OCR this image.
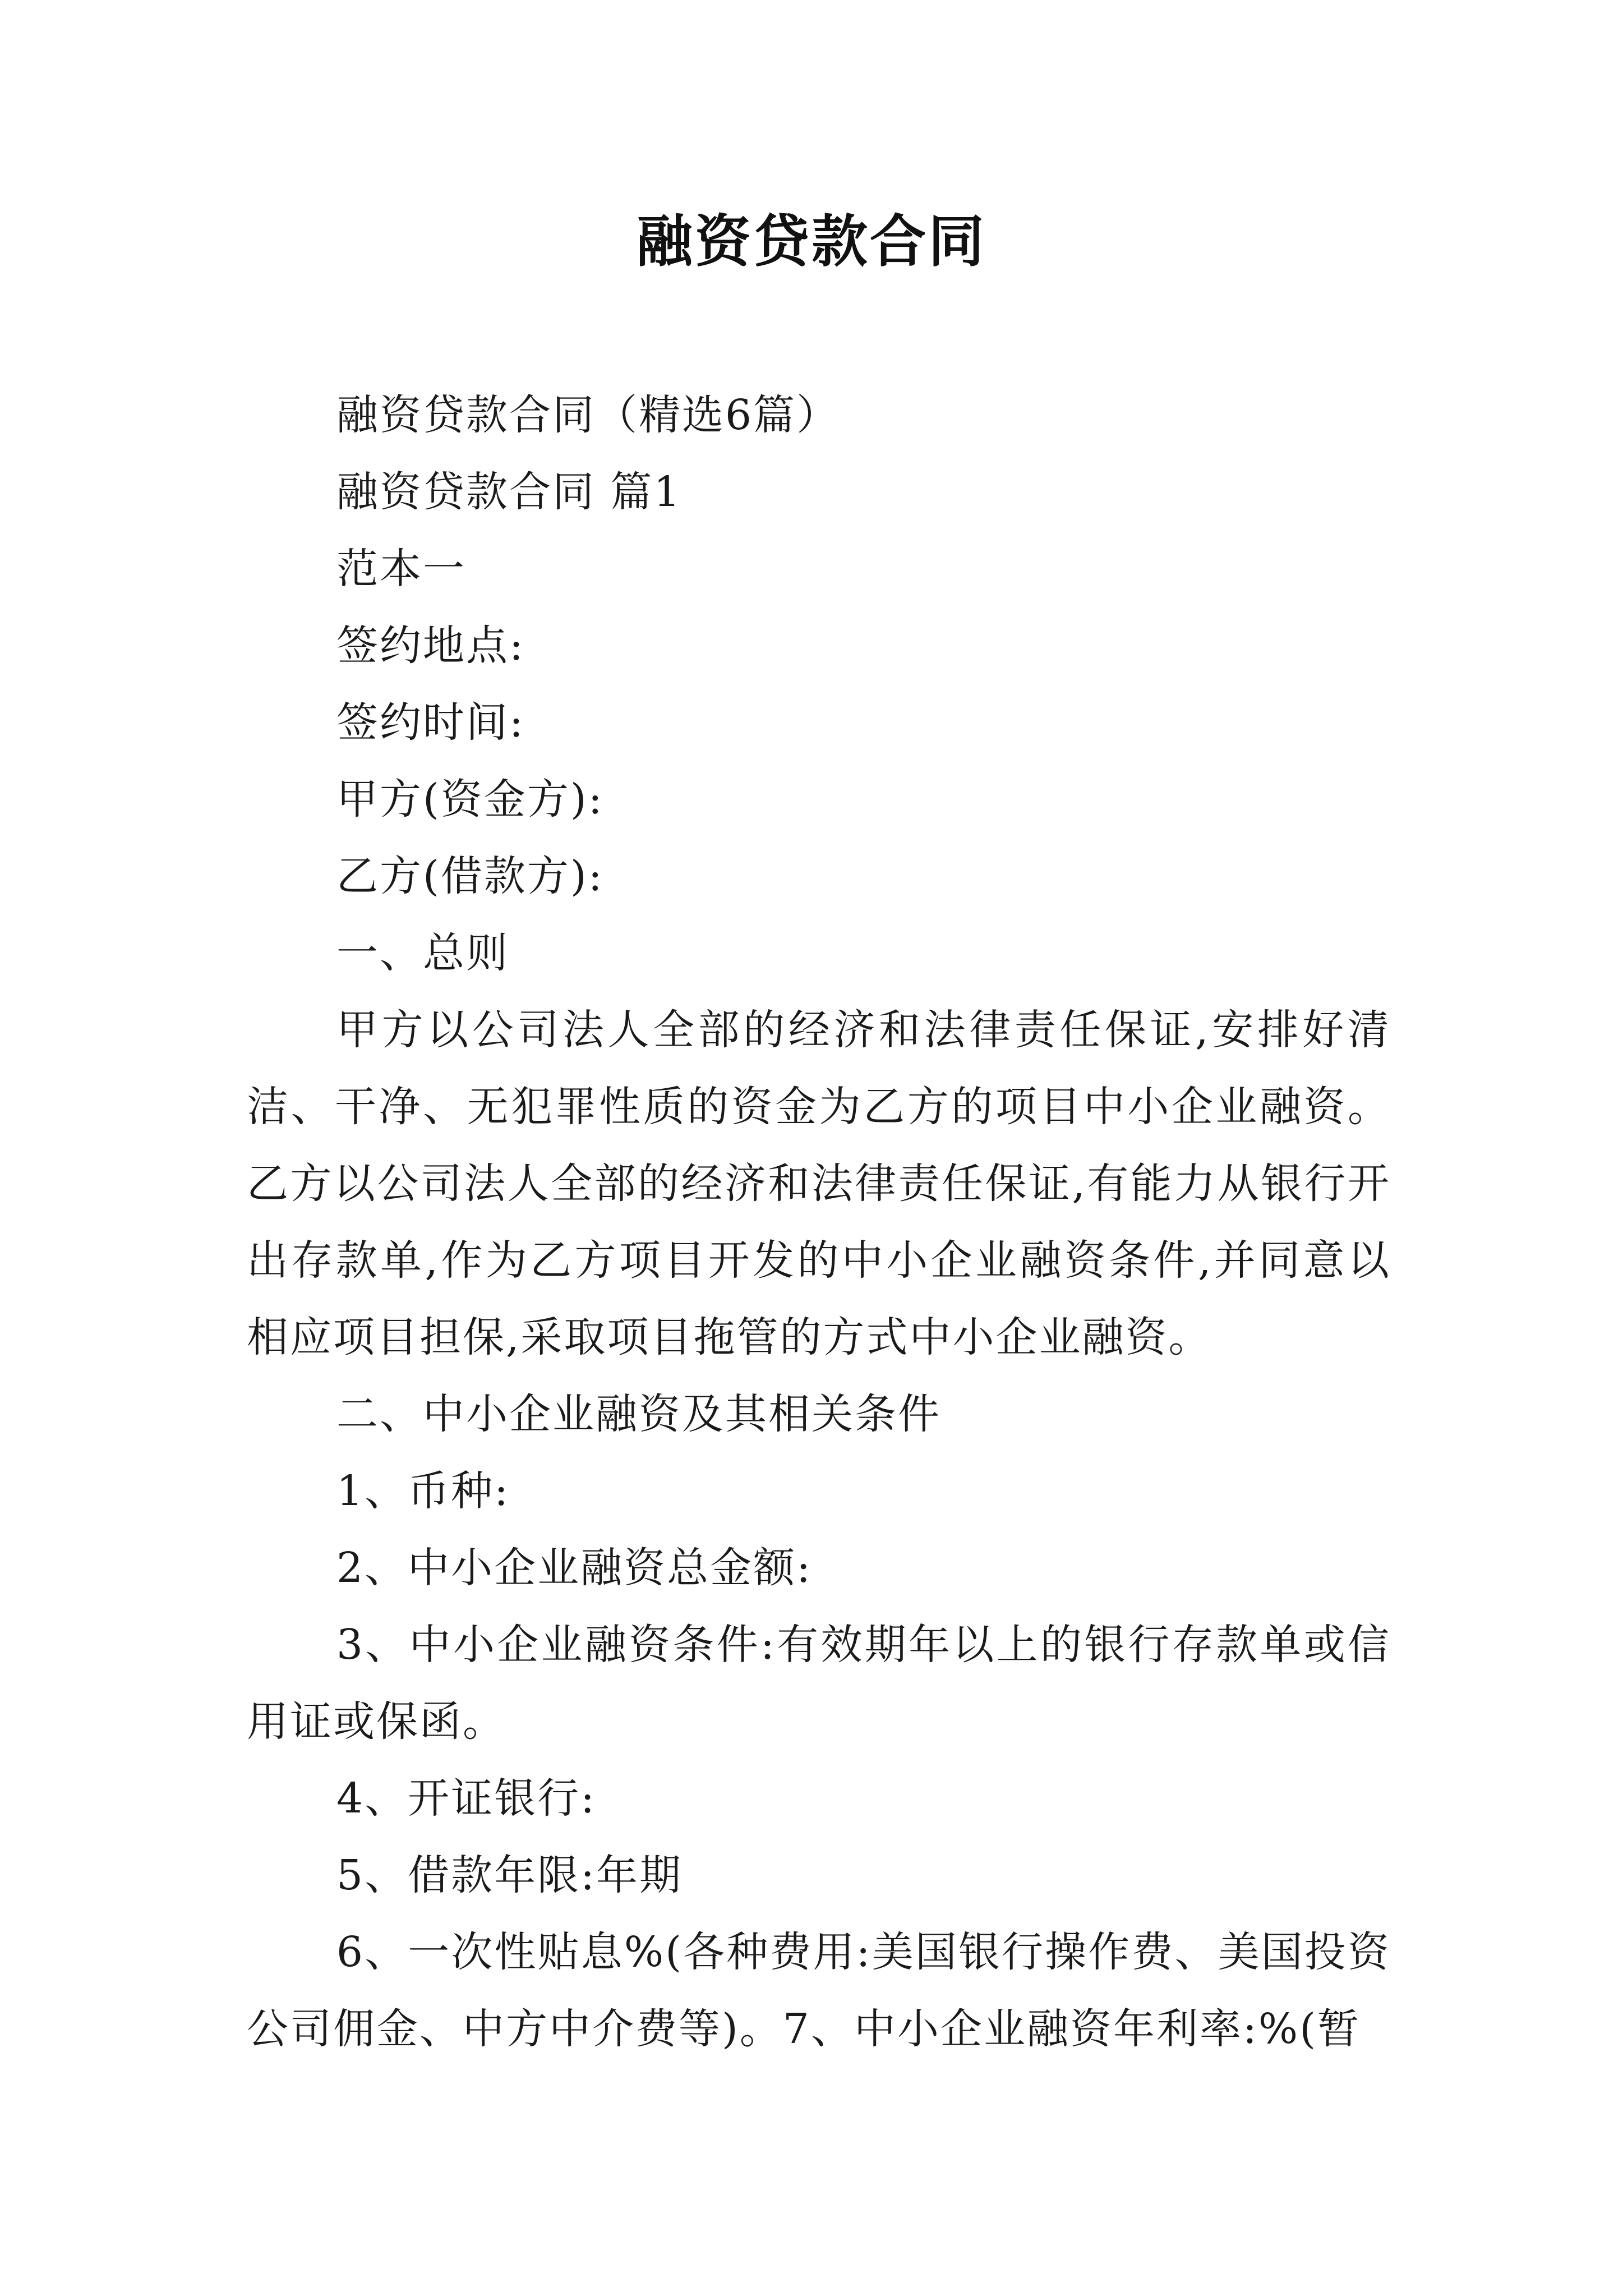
融资贷款合同

融资贷款合同（精选6篇）

融资贷款合同 篇1

范本一

签约地点:

签约时间:

甲方(资金方):

乙方(借款方):

一、总则

甲方以公司法人全部的经济和法律责任保证,安排好清洁、干净、无犯罪性质的资金为乙方的项目中小企业融资。乙方以公司法人全部的经济和法律责任保证,有能力从银行开出存款单,作为乙方项目开发的中小企业融资条件,并同意以相应项目担保,采取项目拖管的方式中小企业融资。

二、中小企业融资及其相关条件

1、币种:

2、中小企业融资总金额:

3、中小企业融资条件:有效期年以上的银行存款单或信用证或保函。

4、开证银行:

5、借款年限:年期

6、一次性贴息%(各种费用:美国银行操作费、美国投资公司佣金、中方中介费等)。7、中小企业融资年利率:%(暂
